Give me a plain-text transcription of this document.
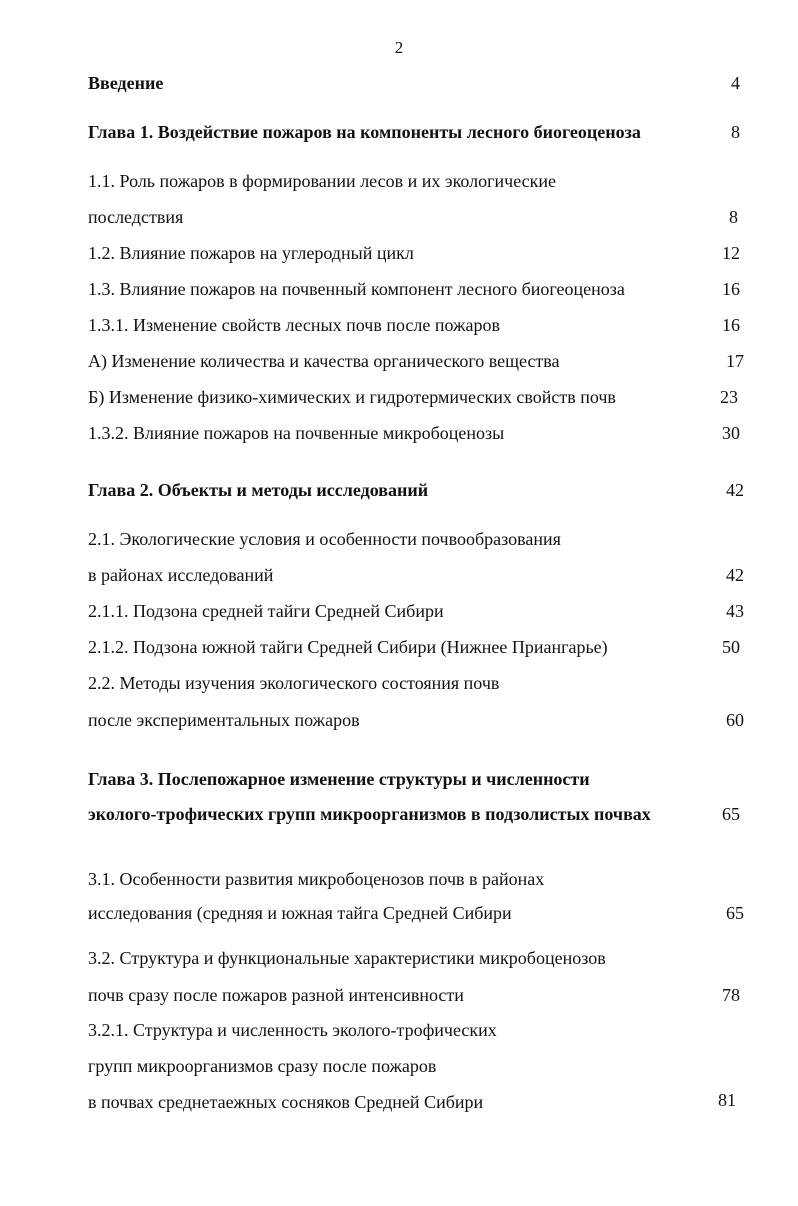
2
Введение	4
Глава 1. Воздействие пожаров на компоненты лесного биогеоценоза	8
1.1. Роль пожаров в формировании лесов и их экологические
последствия	8
1.2. Влияние пожаров на углеродный цикл	12
1.3. Влияние пожаров на почвенный компонент лесного биогеоценоза	16
1.3.1. Изменение свойств лесных почв после пожаров	16
А) Изменение количества и качества органического вещества	17
Б) Изменение физико-химических и гидротермических свойств почв	23
1.3.2. Влияние пожаров на почвенные микробоценозы	30
Глава 2. Объекты и методы исследований	42
2.1. Экологические условия и особенности почвообразования
в районах исследований	42
2.1.1. Подзона средней тайги Средней Сибири	43
2.1.2. Подзона южной тайги Средней Сибири (Нижнее Приангарье)	50
2.2. Методы изучения экологического состояния почв
после экспериментальных пожаров	60
Глава 3. Послепожарное изменение структуры и численности
эколого-трофических групп микроорганизмов в подзолистых почвах	65
3.1. Особенности развития микробоценозов почв в районах
исследования (средняя и южная тайга Средней Сибири	65
3.2. Структура и функциональные характеристики микробоценозов
почв сразу после пожаров разной интенсивности	78
3.2.1. Структура и численность эколого-трофических
групп микроорганизмов сразу после пожаров
в почвах среднетаежных сосняков Средней Сибири	81
